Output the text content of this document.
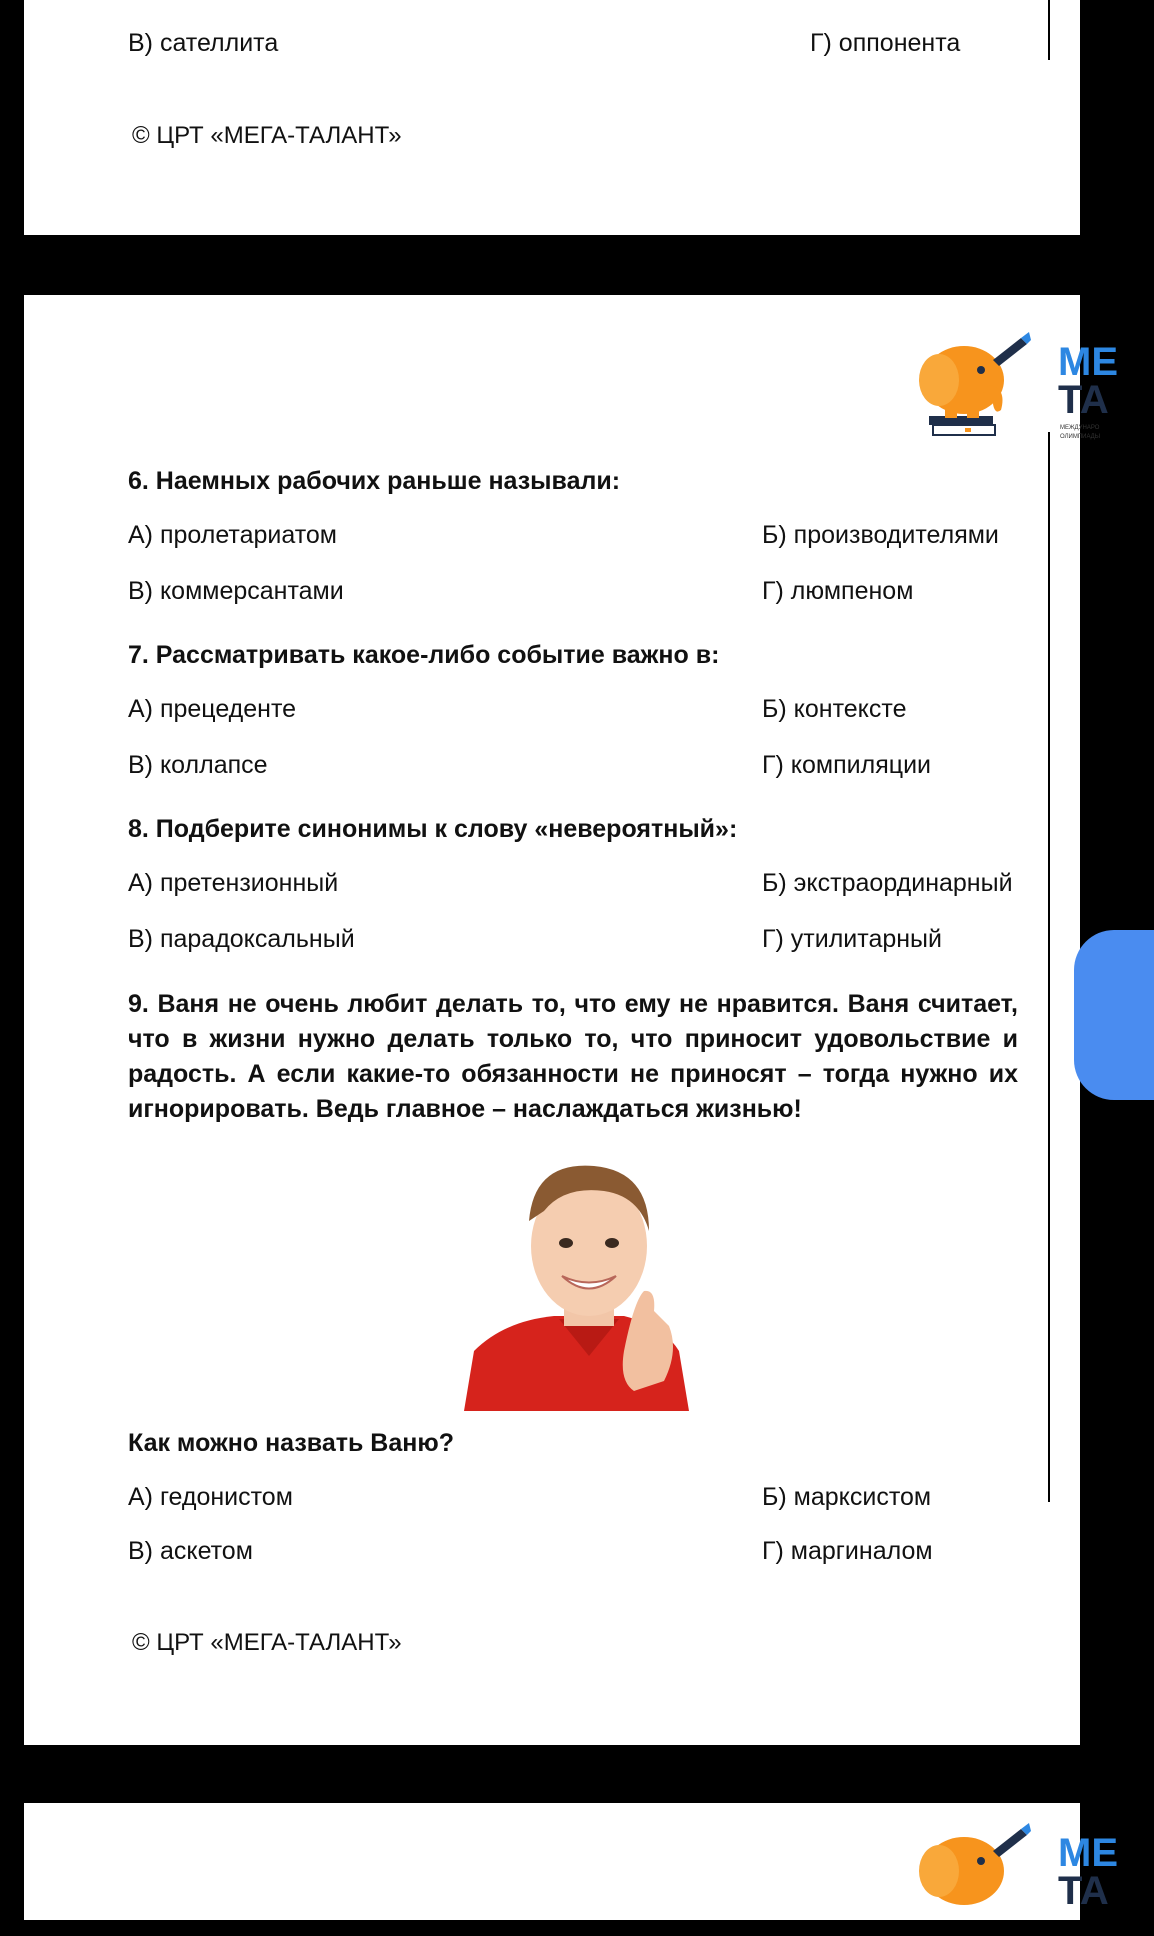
В) сателлита	Г) оппонента
© ЦРТ «МЕГА-ТАЛАНТ»
МЕ
ТА
МЕЖДУНАРО
ОЛИМПИАДЫ
6. Наемных рабочих раньше называли:
А) пролетариатом	Б) производителями
В) коммерсантами	Г) люмпеном
7. Рассматривать какое-либо событие важно в:
А) прецеденте	Б) контексте
В) коллапсе	Г) компиляции
8. Подберите синонимы к слову «невероятный»:
А) претензионный	Б) экстраординарный
В) парадоксальный	Г) утилитарный
9. Ваня не очень любит делать то, что ему не нравится. Ваня считает, что в жизни нужно делать только то, что приносит удовольствие и радость. А если какие-то обязанности не приносят – тогда нужно их игнорировать. Ведь главное – наслаждаться жизнью!
Как можно назвать Ваню?
А) гедонистом	Б) марксистом
В) аскетом	Г) маргиналом
© ЦРТ «МЕГА-ТАЛАНТ»
МЕ
ТА
